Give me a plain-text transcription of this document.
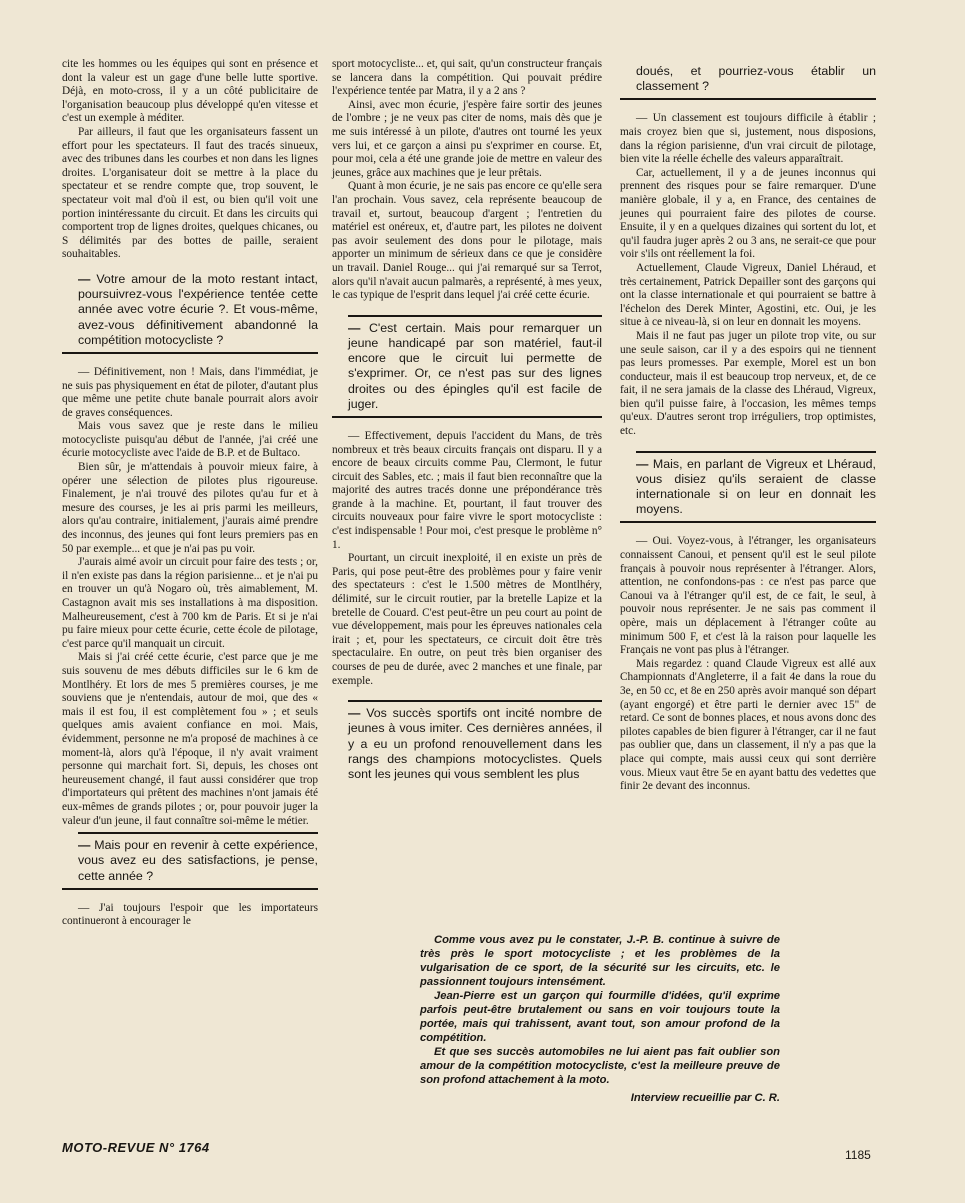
cite les hommes ou les équipes qui sont en présence et dont la valeur est un gage d'une belle lutte sportive. Déjà, en moto-cross, il y a un côté publicitaire de l'organisation beaucoup plus développé qu'en vitesse et c'est un exemple à méditer.

Par ailleurs, il faut que les organisateurs fassent un effort pour les spectateurs. Il faut des tracés sinueux, avec des tribunes dans les courbes et non dans les lignes droites. L'organisateur doit se mettre à la place du spectateur et se rendre compte que, trop souvent, le spectateur voit mal d'où il est, ou bien qu'il voit une portion inintéressante du circuit. Et dans les circuits qui comportent trop de lignes droites, quelques chicanes, ou S délimités par des bottes de paille, seraient souhaitables.

— Votre amour de la moto restant intact, poursuivrez-vous l'expérience tentée cette année avec votre écurie ?. Et vous-même, avez-vous définitivement abandonné la compétition motocycliste ?

— Définitivement, non ! Mais, dans l'immédiat, je ne suis pas physiquement en état de piloter, d'autant plus que même une petite chute banale pourrait alors avoir de graves conséquences.

Mais vous savez que je reste dans le milieu motocycliste puisqu'au début de l'année, j'ai créé une écurie motocycliste avec l'aide de B.P. et de Bultaco.

Bien sûr, je m'attendais à pouvoir mieux faire, à opérer une sélection de pilotes plus rigoureuse. Finalement, je n'ai trouvé des pilotes qu'au fur et à mesure des courses, je les ai pris parmi les meilleurs, alors qu'au contraire, initialement, j'aurais aimé prendre des inconnus, des jeunes qui font leurs premiers pas en 50 par exemple... et que je n'ai pas pu voir.

J'aurais aimé avoir un circuit pour faire des tests ; or, il n'en existe pas dans la région parisienne... et je n'ai pu en trouver un qu'à Nogaro où, très aimablement, M. Castagnon avait mis ses installations à ma disposition. Malheureusement, c'est à 700 km de Paris. Et si je n'ai pu faire mieux pour cette écurie, cette école de pilotage, c'est parce qu'il manquait un circuit.

Mais si j'ai créé cette écurie, c'est parce que je me suis souvenu de mes débuts difficiles sur le 6 km de Montlhéry. Et lors de mes 5 premières courses, je me souviens que je n'entendais, autour de moi, que des « mais il est fou, il est complètement fou » ; et seuls quelques amis avaient confiance en moi. Mais, évidemment, personne ne m'a proposé de machines à ce moment-là, alors qu'à l'époque, il n'y avait vraiment personne qui marchait fort. Si, depuis, les choses ont heureusement changé, il faut aussi considérer que trop d'importateurs qui prêtent des machines n'ont jamais été eux-mêmes de grands pilotes ; or, pour pouvoir juger la valeur d'un jeune, il faut connaître soi-même le métier.

— Mais pour en revenir à cette expérience, vous avez eu des satisfactions, je pense, cette année ?

— J'ai toujours l'espoir que les importateurs continueront à encourager le

sport motocycliste... et, qui sait, qu'un constructeur français se lancera dans la compétition. Qui pouvait prédire l'expérience tentée par Matra, il y a 2 ans ?

Ainsi, avec mon écurie, j'espère faire sortir des jeunes de l'ombre ; je ne veux pas citer de noms, mais dès que je me suis intéressé à un pilote, d'autres ont tourné les yeux vers lui, et ce garçon a ainsi pu s'exprimer en course. Et, pour moi, cela a été une grande joie de mettre en valeur des jeunes, grâce aux machines que je leur prêtais.

Quant à mon écurie, je ne sais pas encore ce qu'elle sera l'an prochain. Vous savez, cela représente beaucoup de travail et, surtout, beaucoup d'argent ; l'entretien du matériel est onéreux, et, d'autre part, les pilotes ne doivent pas avoir seulement des dons pour le pilotage, mais apporter un minimum de sérieux dans ce que je considère un travail. Daniel Rouge... qui j'ai remarqué sur sa Terrot, alors qu'il n'avait aucun palmarès, a représenté, à mes yeux, le cas typique de l'esprit dans lequel j'ai créé cette écurie.

— C'est certain. Mais pour remarquer un jeune handicapé par son matériel, faut-il encore que le circuit lui permette de s'exprimer. Or, ce n'est pas sur des lignes droites ou des épingles qu'il est facile de juger.

— Effectivement, depuis l'accident du Mans, de très nombreux et très beaux circuits français ont disparu. Il y a encore de beaux circuits comme Pau, Clermont, le futur circuit des Sables, etc. ; mais il faut bien reconnaître que la majorité des autres tracés donne une prépondérance très grande à la machine. Et, pourtant, il faut trouver des circuits nouveaux pour faire vivre le sport motocycliste : c'est indispensable ! Pour moi, c'est presque le problème n° 1.

Pourtant, un circuit inexploité, il en existe un près de Paris, qui pose peut-être des problèmes pour y faire venir des spectateurs : c'est le 1.500 mètres de Montlhéry, délimité, sur le circuit routier, par la bretelle Lapize et la bretelle de Couard. C'est peut-être un peu court au point de vue développement, mais pour les épreuves nationales cela irait ; et, pour les spectateurs, ce circuit doit être très spectaculaire. En outre, on peut très bien organiser des courses de peu de durée, avec 2 manches et une finale, par exemple.

— Vos succès sportifs ont incité nombre de jeunes à vous imiter. Ces dernières années, il y a eu un profond renouvellement dans les rangs des champions motocyclistes. Quels sont les jeunes qui vous semblent les plus
doués, et pourriez-vous établir un classement ?

— Un classement est toujours difficile à établir ; mais croyez bien que si, justement, nous disposions, dans la région parisienne, d'un vrai circuit de pilotage, bien vite la réelle échelle des valeurs apparaîtrait.

Car, actuellement, il y a de jeunes inconnus qui prennent des risques pour se faire remarquer. D'une manière globale, il y a, en France, des centaines de jeunes qui pourraient faire des pilotes de course. Ensuite, il y en a quelques dizaines qui sortent du lot, et qu'il faudra juger après 2 ou 3 ans, ne serait-ce que pour voir s'ils ont réellement la foi.

Actuellement, Claude Vigreux, Daniel Lhéraud, et très certainement, Patrick Depailler sont des garçons qui ont la classe internationale et qui pourraient se battre à l'échelon des Derek Minter, Agostini, etc. Oui, je les situe à ce niveau-là, si on leur en donnait les moyens.

Mais il ne faut pas juger un pilote trop vite, ou sur une seule saison, car il y a des espoirs qui ne tiennent pas leurs promesses. Par exemple, Morel est un bon conducteur, mais il est beaucoup trop nerveux, et, de ce fait, il ne sera jamais de la classe des Lhéraud, Vigreux, bien qu'il puisse faire, à l'occasion, les mêmes temps qu'eux. D'autres seront trop irréguliers, trop optimistes, etc.

— Mais, en parlant de Vigreux et Lhéraud, vous disiez qu'ils seraient de classe internationale si on leur en donnait les moyens.

— Oui. Voyez-vous, à l'étranger, les organisateurs connaissent Canoui, et pensent qu'il est le seul pilote français à pouvoir nous représenter à l'étranger. Alors, attention, ne confondons-pas : ce n'est pas parce que Canoui va à l'étranger qu'il est, de ce fait, le seul, à pouvoir nous représenter. Je ne sais pas comment il opère, mais un déplacement à l'étranger coûte au minimum 500 F, et c'est là la raison pour laquelle les Français ne vont pas plus à l'étranger.

Mais regardez : quand Claude Vigreux est allé aux Championnats d'Angleterre, il a fait 4e dans la roue du 3e, en 50 cc, et 8e en 250 après avoir manqué son départ (ayant engorgé) et être parti le dernier avec 15" de retard. Ce sont de bonnes places, et nous avons donc des pilotes capables de bien figurer à l'étranger, car il ne faut pas oublier que, dans un classement, il n'y a pas que la place qui compte, mais aussi ceux qui sont derrière vous. Mieux vaut être 5e en ayant battu des vedettes que finir 2e devant des inconnus.

Comme vous avez pu le constater, J.-P. B. continue à suivre de très près le sport motocycliste ; et les problèmes de la vulgarisation de ce sport, de la sécurité sur les circuits, etc. le passionnent toujours intensément.

Jean-Pierre est un garçon qui fourmille d'idées, qu'il exprime parfois peut-être brutalement ou sans en voir toujours toute la portée, mais qui trahissent, avant tout, son amour profond de la compétition.

Et que ses succès automobiles ne lui aient pas fait oublier son amour de la compétition motocycliste, c'est la meilleure preuve de son profond attachement à la moto.

Interview recueillie par C. R.

MOTO-REVUE N° 1764	1185
